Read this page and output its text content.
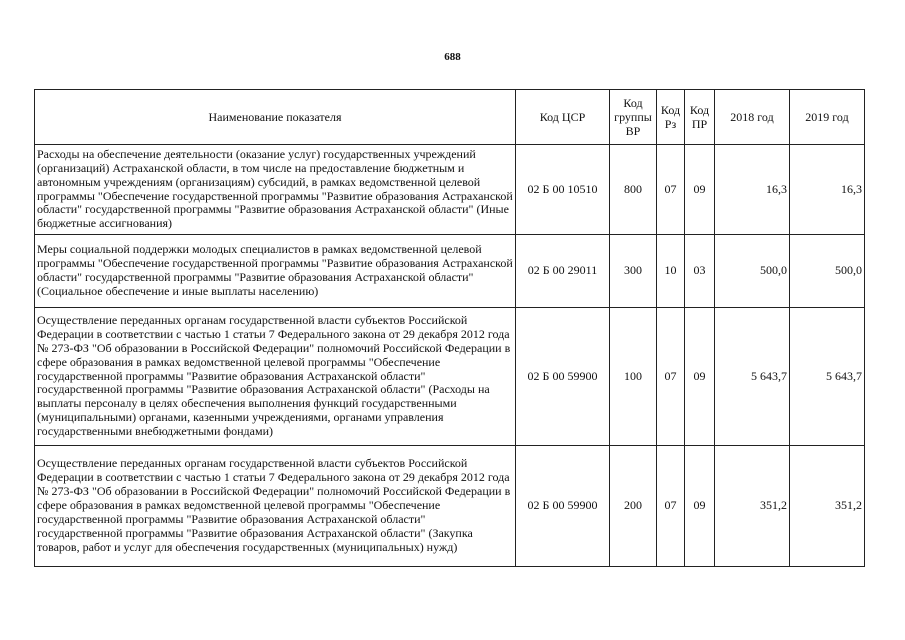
688
Наименование показателя	Код ЦСР	Код группы ВР	Код Рз	Код ПР	2018 год	2019 год
Расходы на обеспечение деятельности (оказание услуг) государственных учреждений (организаций) Астраханской области, в том числе на предоставление бюджетным и автономным учреждениям (организациям) субсидий, в рамках ведомственной целевой программы "Обеспечение государственной программы "Развитие образования Астраханской области" государственной программы "Развитие образования Астраханской области" (Иные бюджетные ассигнования)	02 Б 00 10510	800	07	09	16,3	16,3
Меры социальной поддержки молодых специалистов в рамках ведомственной целевой программы "Обеспечение государственной программы "Развитие образования Астраханской области" государственной программы "Развитие образования Астраханской области" (Социальное обеспечение и иные выплаты населению)	02 Б 00 29011	300	10	03	500,0	500,0
Осуществление переданных органам государственной власти субъектов Российской Федерации в соответствии с частью 1 статьи 7 Федерального закона от 29 декабря 2012 года № 273-ФЗ "Об образовании в Российской Федерации" полномочий Российской Федерации в сфере образования в рамках ведомственной целевой программы "Обеспечение государственной программы "Развитие образования Астраханской области" государственной программы "Развитие образования Астраханской области" (Расходы на выплаты персоналу в целях обеспечения выполнения функций государственными (муниципальными) органами, казенными учреждениями, органами управления государственными внебюджетными фондами)	02 Б 00 59900	100	07	09	5 643,7	5 643,7
Осуществление переданных органам государственной власти субъектов Российской Федерации в соответствии с частью 1 статьи 7 Федерального закона от 29 декабря 2012 года № 273-ФЗ "Об образовании в Российской Федерации" полномочий Российской Федерации в сфере образования в рамках ведомственной целевой программы "Обеспечение государственной программы "Развитие образования Астраханской области" государственной программы "Развитие образования Астраханской области" (Закупка товаров, работ и услуг для обеспечения государственных (муниципальных) нужд)	02 Б 00 59900	200	07	09	351,2	351,2
